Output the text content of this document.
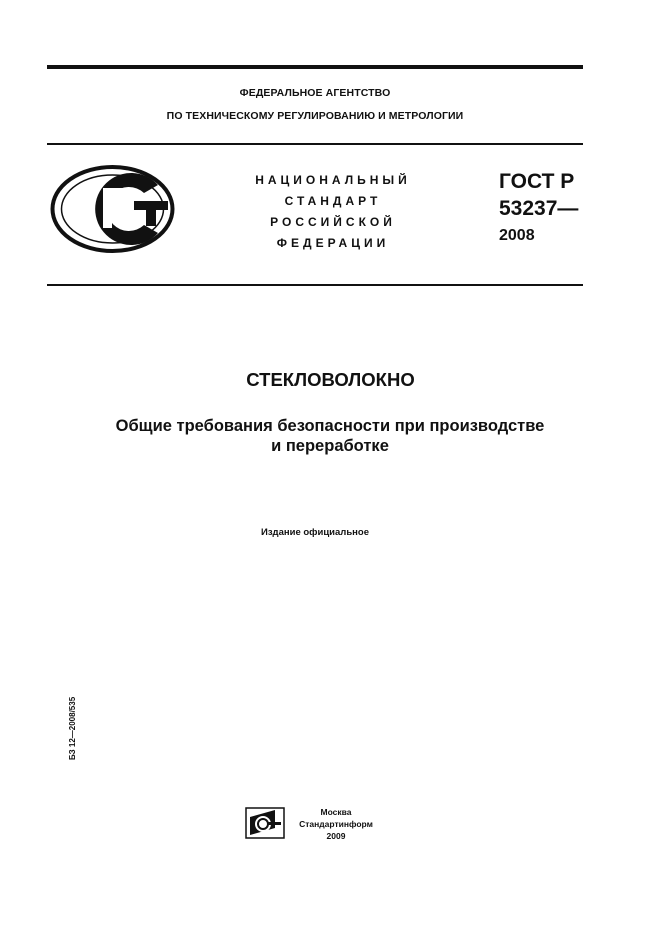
ФЕДЕРАЛЬНОЕ АГЕНТСТВО
ПО ТЕХНИЧЕСКОМУ РЕГУЛИРОВАНИЮ И МЕТРОЛОГИИ
НАЦИОНАЛЬНЫЙ
СТАНДАРТ
РОССИЙСКОЙ
ФЕДЕРАЦИИ
ГОСТ Р
53237—
2008
СТЕКЛОВОЛОКНО
Общие требования безопасности при производстве
и переработке
Издание официальное
БЗ 12—2008/535
Москва
Стандартинформ
2009
